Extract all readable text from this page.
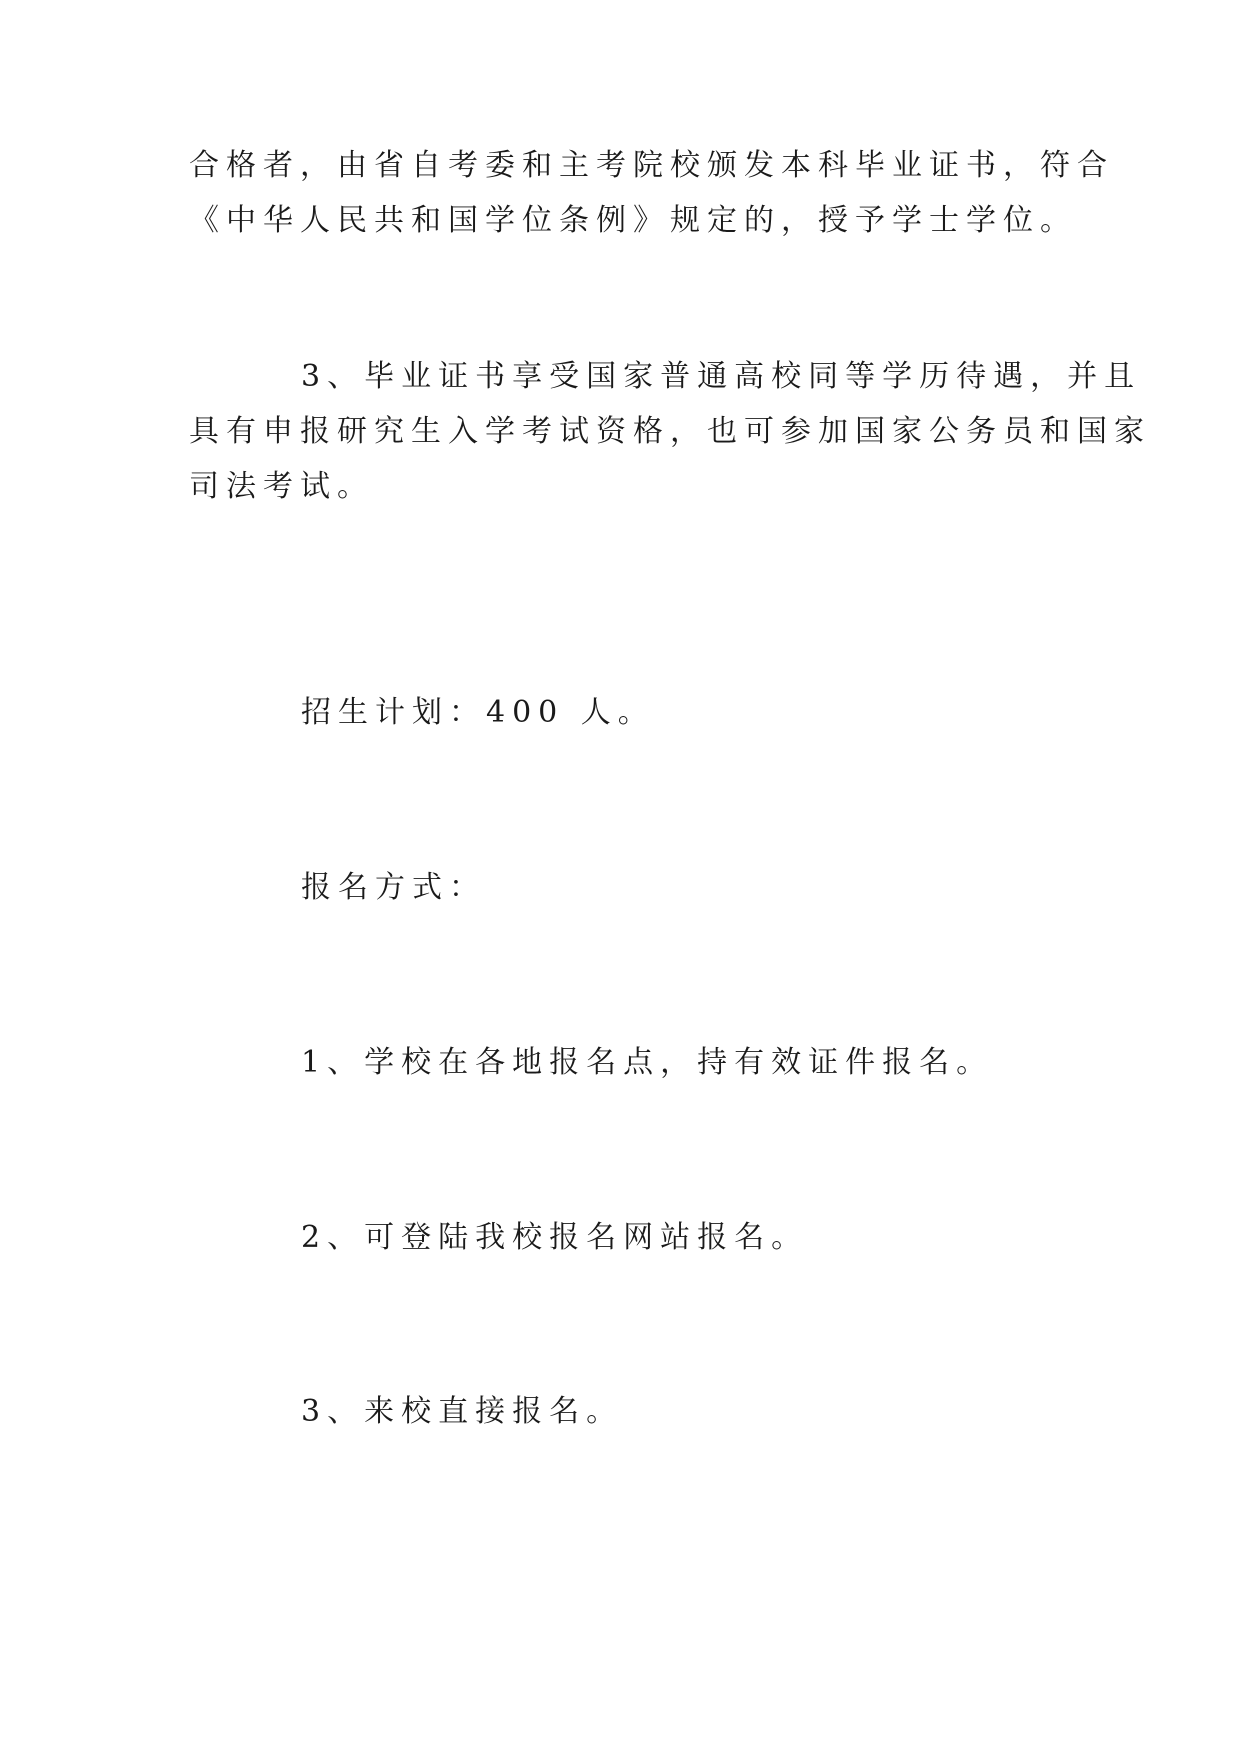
合格者，由省自考委和主考院校颁发本科毕业证书，符合
《中华人民共和国学位条例》规定的，授予学士学位。

3、毕业证书享受国家普通高校同等学历待遇，并且
具有申报研究生入学考试资格，也可参加国家公务员和国家
司法考试。

招生计划：400 人。

报名方式：

1、学校在各地报名点，持有效证件报名。

2、可登陆我校报名网站报名。

3、来校直接报名。
